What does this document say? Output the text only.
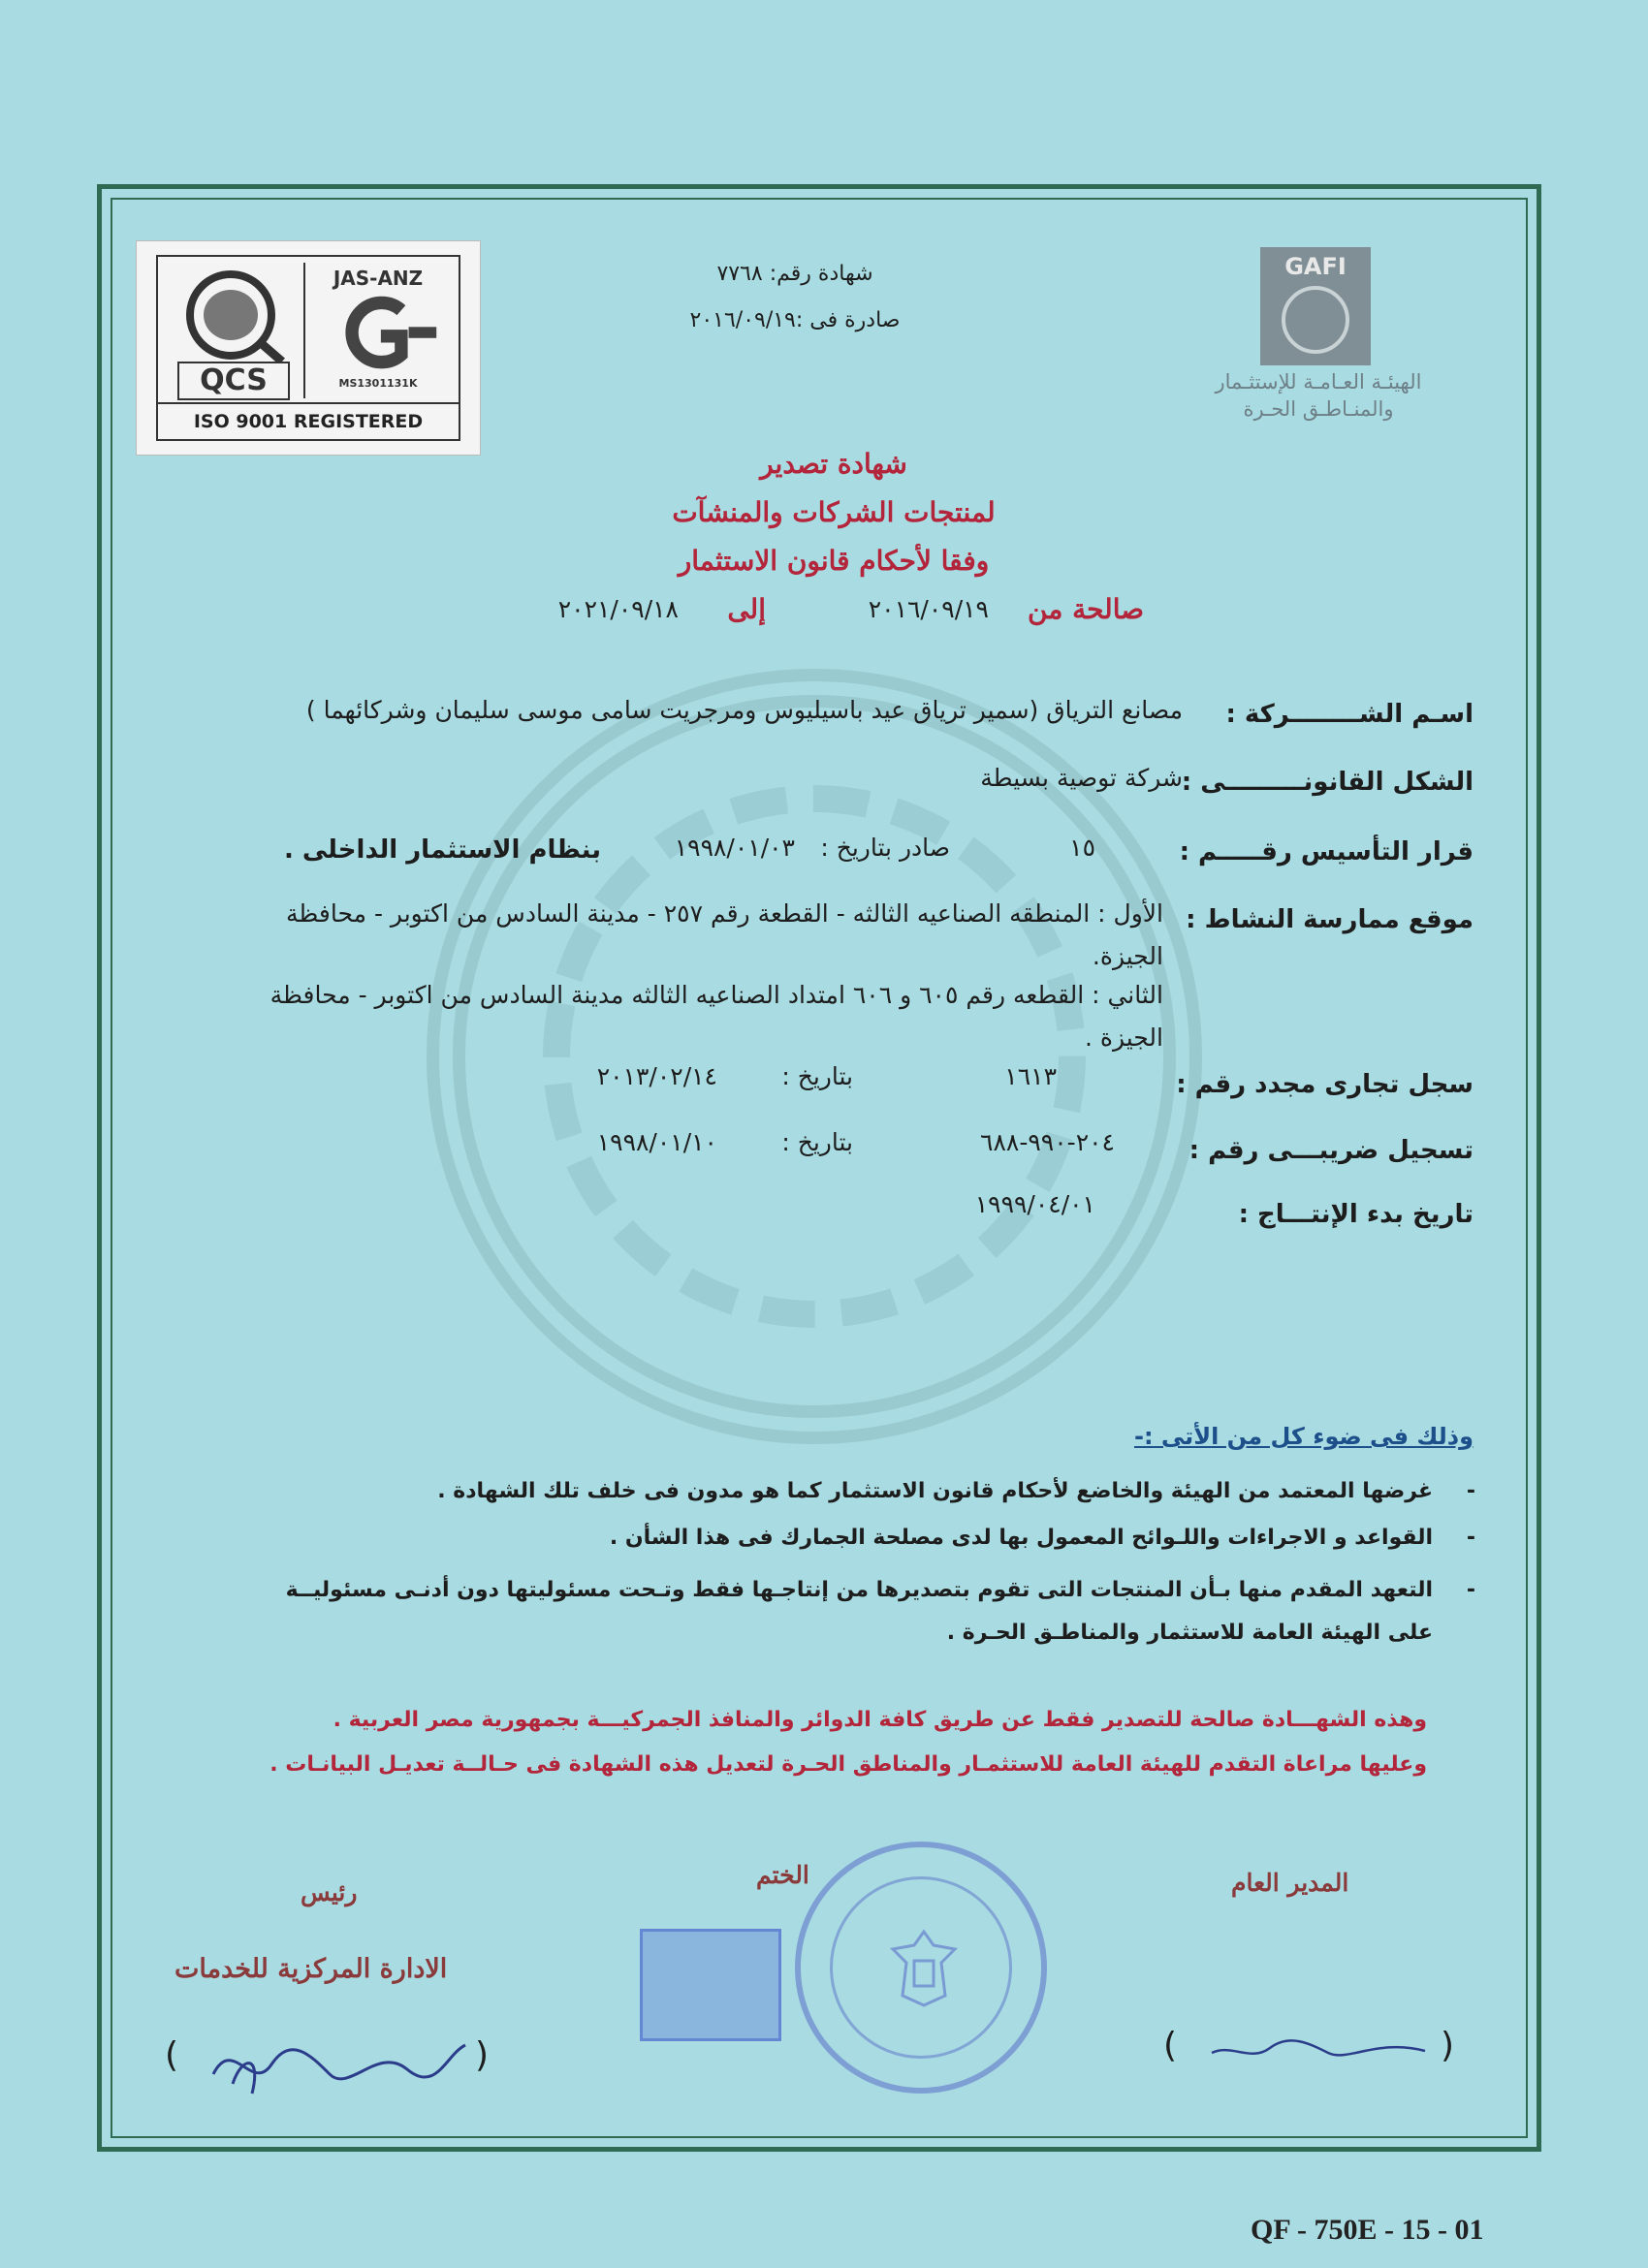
QCS
JAS-ANZ
MS1301131K
ISO 9001 REGISTERED
GAFI
الهيئـة العـامـة للإستثـمار
والمنـاطـق الحـرة
شهادة رقم: ٧٧٦٨
صادرة فى :٢٠١٦/٠٩/١٩
شهادة تصدير
لمنتجات الشركات والمنشآت
وفقا لأحكام قانون الاستثمار
صالحة من
٢٠١٦/٠٩/١٩
إلى
٢٠٢١/٠٩/١٨
اسـم الشــــــــركة :
مصانع الترياق (سمير ترياق عيد باسيليوس ومرجريت سامى موسى سليمان وشركائهما )
الشكل القانونـــــــــى :
شركة توصية بسيطة
قرار التأسيس رقـــــم :
١٥
صادر بتاريخ :
١٩٩٨/٠١/٠٣
بنظام الاستثمار الداخلى .
موقع ممارسة النشاط :
الأول : المنطقه الصناعيه الثالثه - القطعة رقم ٢٥٧ - مدينة السادس من اكتوبر - محافظة
الجيزة.
الثاني : القطعه رقم ٦٠٥ و ٦٠٦ امتداد الصناعيه الثالثه مدينة السادس من اكتوبر - محافظة
الجيزة .
سجل تجارى مجدد رقم :
١٦١٣
بتاريخ :
٢٠١٣/٠٢/١٤
تسجيل ضريبـــى رقم :
٢٠٤-٩٩٠-٦٨٨
بتاريخ :
١٩٩٨/٠١/١٠
تاريخ بدء الإنتـــاج :
١٩٩٩/٠٤/٠١
وذلك فى ضوء كل من الأتى :-
-
غرضها المعتمد من الهيئة والخاضع لأحكام قانون الاستثمار كما هو مدون فى خلف تلك الشهادة .
-
القواعد و الاجراءات واللـوائح المعمول بها لدى مصلحة الجمارك فى هذا الشأن .
-
التعهد المقدم منها بـأن المنتجات التى تقوم بتصديرها من إنتاجـها فقط وتـحت مسئوليتها دون أدنـى مسئوليــة
على الهيئة العامة للاستثمار والمناطـق الحـرة .
وهذه الشهـــادة صالحة للتصدير فقط عن طريق كافة الدوائر والمنافذ الجمركيـــة بجمهورية مصر العربية .
وعليها مراعاة التقدم للهيئة العامة للاستثمـار والمناطق الحـرة لتعديل هذه الشهادة فى حـالــة تعديـل البيانـات .
المدير العام
الختم
رئيس
الادارة المركزية للخدمات
(	)	(	)
QF - 750E - 15 - 01
